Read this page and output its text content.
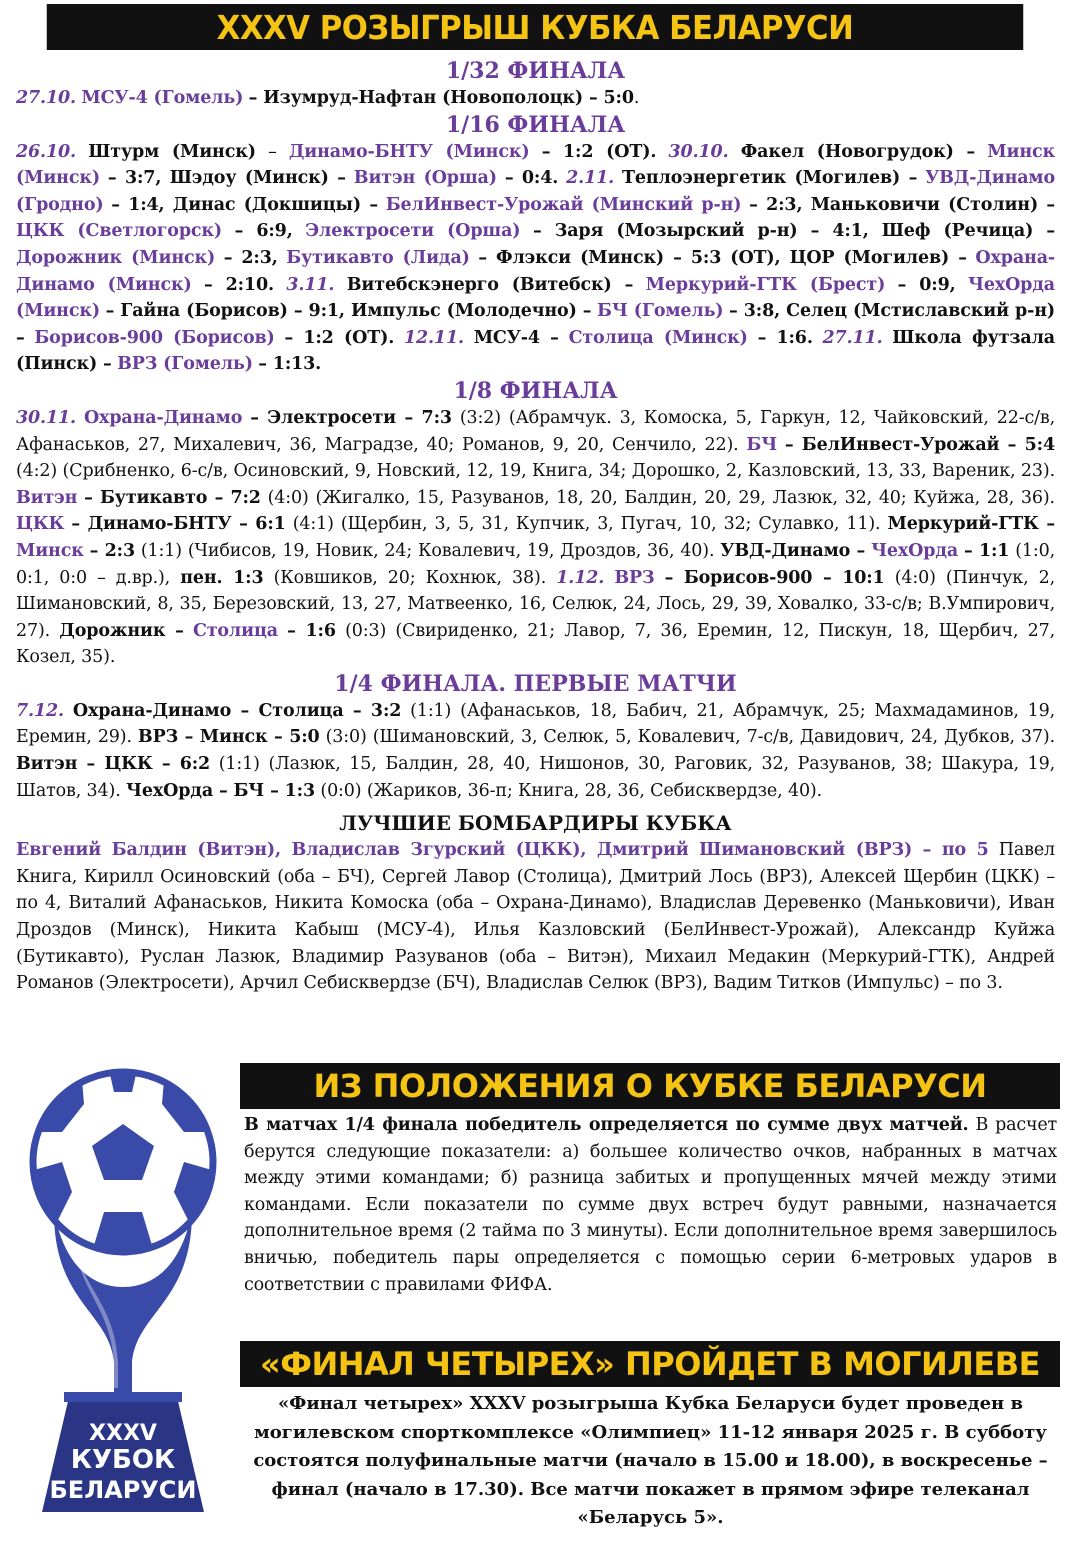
XXXV РОЗЫГРЫШ КУБКА БЕЛАРУСИ
1/32 ФИНАЛА

27.10. МСУ-4 (Гомель) – Изумруд-Нафтан (Новополоцк) – 5:0.

1/16 ФИНАЛА

26.10. Штурм (Минск) – Динамо-БНТУ (Минск) – 1:2 (ОТ). 30.10. Факел (Новогрудок) – Минск (Минск) – 3:7, Шэдоу (Минск) – Витэн (Орша) – 0:4. 2.11. Теплоэнергетик (Могилев) – УВД-Динамо (Гродно) – 1:4, Динас (Докшицы) – БелИнвест-Урожай (Минский р-н) – 2:3, Маньковичи (Столин) – ЦКК (Светлогорск) – 6:9, Электросети (Орша) – Заря (Мозырский р-н) – 4:1, Шеф (Речица) – Дорожник (Минск) – 2:3, Бутикавто (Лида) – Флэкси (Минск) – 5:3 (ОТ), ЦОР (Могилев) – Охрана-Динамо (Минск) – 2:10. 3.11. Витебскэнерго (Витебск) – Меркурий-ГТК (Брест) – 0:9, ЧехОрда (Минск) – Гайна (Борисов) – 9:1, Импульс (Молодечно) – БЧ (Гомель) – 3:8, Селец (Мстиславский р-н) – Борисов-900 (Борисов) – 1:2 (ОТ). 12.11. МСУ-4 – Столица (Минск) – 1:6. 27.11. Школа футзала (Пинск) – ВРЗ (Гомель) – 1:13.

1/8 ФИНАЛА

30.11. Охрана-Динамо – Электросети – 7:3 (3:2) (Абрамчук. 3, Комоска, 5, Гаркун, 12, Чайковский, 22-с/в, Афанаськов, 27, Михалевич, 36, Маградзе, 40; Романов, 9, 20, Сенчило, 22). БЧ – БелИнвест-Урожай – 5:4 (4:2) (Срибненко, 6-с/в, Осиновский, 9, Новский, 12, 19, Книга, 34; Дорошко, 2, Казловский, 13, 33, Вареник, 23). Витэн – Бутикавто – 7:2 (4:0) (Жигалко, 15, Разуванов, 18, 20, Балдин, 20, 29, Лазюк, 32, 40; Куйжа, 28, 36). ЦКК – Динамо-БНТУ – 6:1 (4:1) (Щербин, 3, 5, 31, Купчик, 3, Пугач, 10, 32; Сулавко, 11). Меркурий-ГТК – Минск – 2:3 (1:1) (Чибисов, 19, Новик, 24; Ковалевич, 19, Дроздов, 36, 40). УВД-Динамо – ЧехОрда – 1:1 (1:0, 0:1, 0:0 – д.вр.), пен. 1:3 (Ковшиков, 20; Кохнюк, 38). 1.12. ВРЗ – Борисов-900 – 10:1 (4:0) (Пинчук, 2, Шимановский, 8, 35, Березовский, 13, 27, Матвеенко, 16, Селюк, 24, Лось, 29, 39, Ховалко, 33-с/в; В.Умпирович, 27). Дорожник – Столица – 1:6 (0:3) (Свириденко, 21; Лавор, 7, 36, Еремин, 12, Пискун, 18, Щербич, 27, Козел, 35).

1/4 ФИНАЛА. ПЕРВЫЕ МАТЧИ

7.12. Охрана-Динамо – Столица – 3:2 (1:1) (Афанаськов, 18, Бабич, 21, Абрамчук, 25; Махмадаминов, 19, Еремин, 29). ВРЗ – Минск – 5:0 (3:0) (Шимановский, 3, Селюк, 5, Ковалевич, 7-с/в, Давидович, 24, Дубков, 37). Витэн – ЦКК – 6:2 (1:1) (Лазюк, 15, Балдин, 28, 40, Нишонов, 30, Раговик, 32, Разуванов, 38; Шакура, 19, Шатов, 34). ЧехОрда – БЧ – 1:3 (0:0) (Жариков, 36-п; Книга, 28, 36, Себисквердзе, 40).

ЛУЧШИЕ БОМБАРДИРЫ КУБКА

Евгений Балдин (Витэн), Владислав Згурский (ЦКК), Дмитрий Шимановский (ВРЗ) – по 5 Павел Книга, Кирилл Осиновский (оба – БЧ), Сергей Лавор (Столица), Дмитрий Лось (ВРЗ), Алексей Щербин (ЦКК) – по 4, Виталий Афанаськов, Никита Комоска (оба – Охрана-Динамо), Владислав Деревенко (Маньковичи), Иван Дроздов (Минск), Никита Кабыш (МСУ-4), Илья Казловский (БелИнвест-Урожай), Александр Куйжа (Бутикавто), Руслан Лазюк, Владимир Разуванов (оба – Витэн), Михаил Медакин (Меркурий-ГТК), Андрей Романов (Электросети), Арчил Себисквердзе (БЧ), Владислав Селюк (ВРЗ), Вадим Титков (Импульс) – по 3.

XXXV
КУБОК
БЕЛАРУСИ
ИЗ ПОЛОЖЕНИЯ О КУБКЕ БЕЛАРУСИ

В матчах 1/4 финала победитель определяется по сумме двух матчей. В расчет берутся следующие показатели: а) большее количество очков, набранных в матчах между этими командами; б) разница забитых и пропущенных мячей между этими командами. Если показатели по сумме двух встреч будут равными, назначается дополнительное время (2 тайма по 3 минуты). Если дополнительное время завершилось вничью, победитель пары определяется с помощью серии 6-метровых ударов в соответствии с правилами ФИФА.

«ФИНАЛ ЧЕТЫРЕХ» ПРОЙДЕТ В МОГИЛЕВЕ
«Финал четырех» XXXV розыгрыша Кубка Беларуси будет проведен в могилевском спорткомплексе «Олимпиец» 11-12 января 2025 г. В субботу состоятся полуфинальные матчи (начало в 15.00 и 18.00), в воскресенье – финал (начало в 17.30). Все матчи покажет в прямом эфире телеканал «Беларусь 5».
